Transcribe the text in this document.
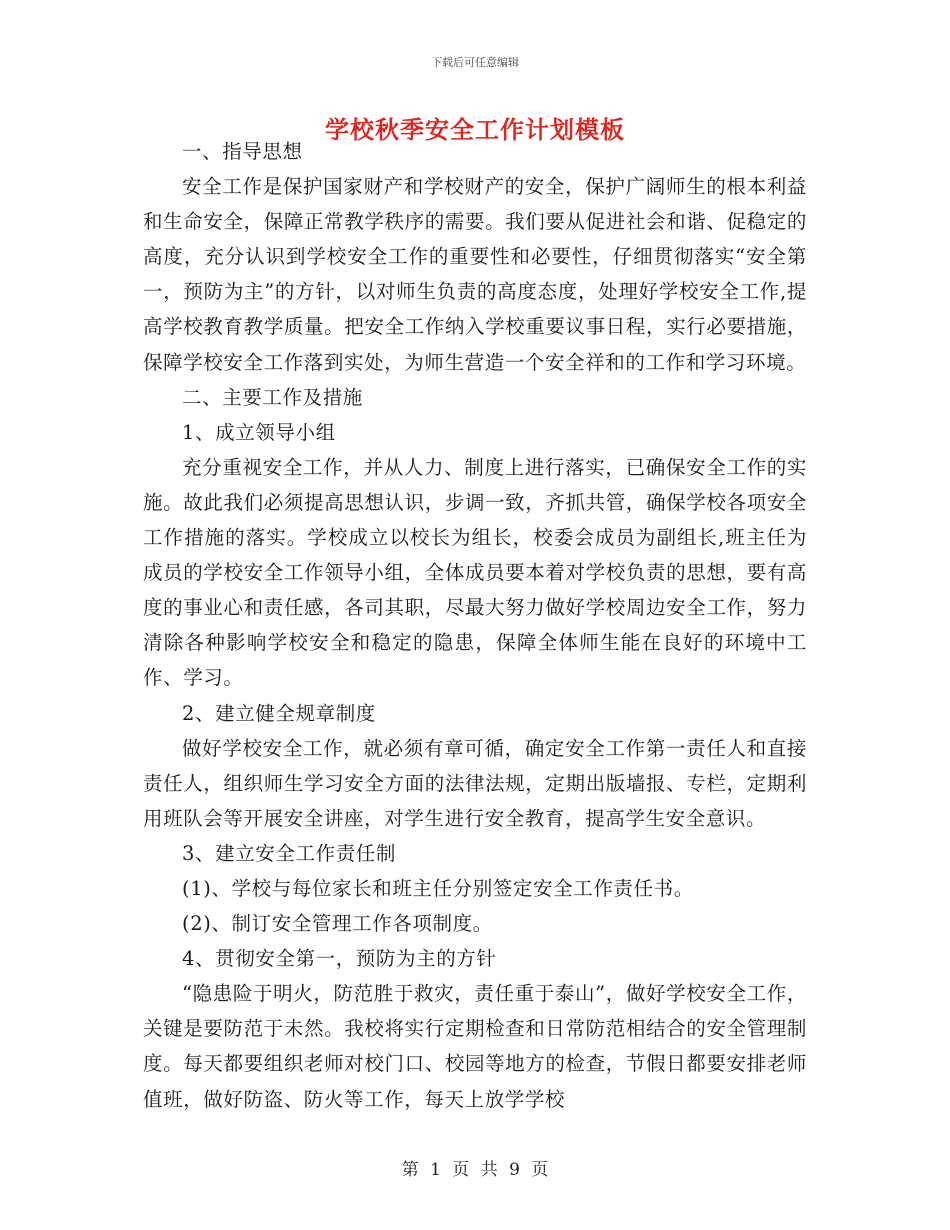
下载后可任意编辑
学校秋季安全工作计划模板

一、指导思想

安全工作是保护国家财产和学校财产的安全，保护广阔师生的根本利益和生命安全，保障正常教学秩序的需要。我们要从促进社会和谐、促稳定的高度，充分认识到学校安全工作的重要性和必要性，仔细贯彻落实“安全第一，预防为主”的方针，以对师生负责的高度态度，处理好学校安全工作,提高学校教育教学质量。把安全工作纳入学校重要议事日程，实行必要措施，保障学校安全工作落到实处，为师生营造一个安全祥和的工作和学习环境。

二、主要工作及措施

1、成立领导小组

充分重视安全工作，并从人力、制度上进行落实，已确保安全工作的实施。故此我们必须提高思想认识，步调一致，齐抓共管，确保学校各项安全工作措施的落实。学校成立以校长为组长，校委会成员为副组长,班主任为成员的学校安全工作领导小组，全体成员要本着对学校负责的思想，要有高度的事业心和责任感，各司其职，尽最大努力做好学校周边安全工作，努力清除各种影响学校安全和稳定的隐患，保障全体师生能在良好的环境中工作、学习。

2、建立健全规章制度

做好学校安全工作，就必须有章可循，确定安全工作第一责任人和直接责任人，组织师生学习安全方面的法律法规，定期出版墙报、专栏，定期利用班队会等开展安全讲座，对学生进行安全教育，提高学生安全意识。

3、建立安全工作责任制

(1)、学校与每位家长和班主任分别签定安全工作责任书。

(2)、制订安全管理工作各项制度。

4、贯彻安全第一，预防为主的方针

“隐患险于明火，防范胜于救灾，责任重于泰山”，做好学校安全工作，关键是要防范于未然。我校将实行定期检查和日常防范相结合的安全管理制度。每天都要组织老师对校门口、校园等地方的检查，节假日都要安排老师值班，做好防盗、防火等工作，每天上放学学校

第 1 页 共 9 页
